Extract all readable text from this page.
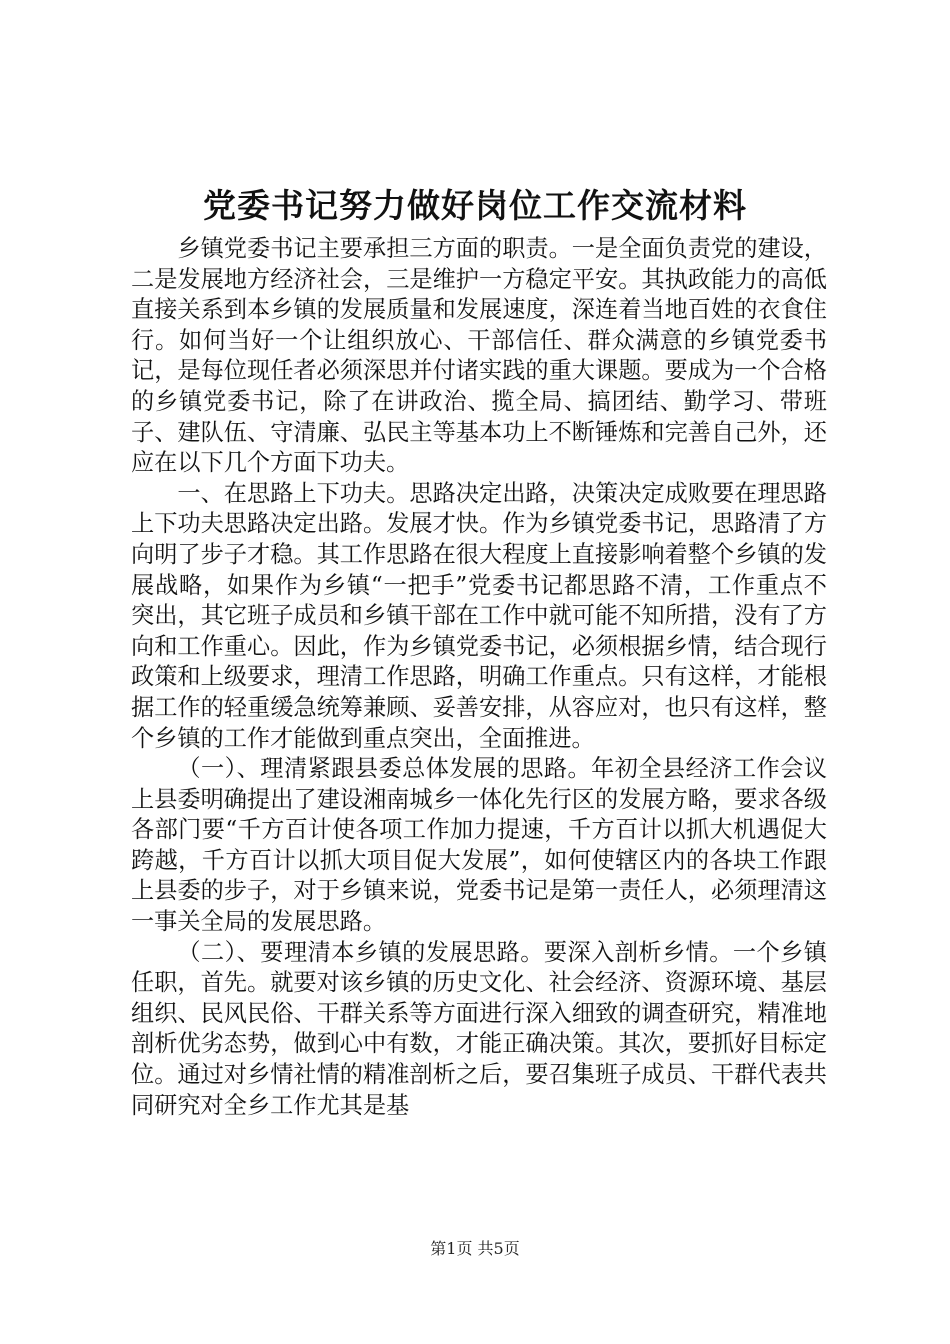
党委书记努力做好岗位工作交流材料

乡镇党委书记主要承担三方面的职责。一是全面负责党的建设，二是发展地方经济社会，三是维护一方稳定平安。其执政能力的高低直接关系到本乡镇的发展质量和发展速度，深连着当地百姓的衣食住行。如何当好一个让组织放心、干部信任、群众满意的乡镇党委书记，是每位现任者必须深思并付诸实践的重大课题。要成为一个合格的乡镇党委书记，除了在讲政治、揽全局、搞团结、勤学习、带班子、建队伍、守清廉、弘民主等基本功上不断锤炼和完善自己外，还应在以下几个方面下功夫。

一、在思路上下功夫。思路决定出路，决策决定成败要在理思路上下功夫思路决定出路。发展才快。作为乡镇党委书记，思路清了方向明了步子才稳。其工作思路在很大程度上直接影响着整个乡镇的发展战略，如果作为乡镇“一把手”党委书记都思路不清，工作重点不突出，其它班子成员和乡镇干部在工作中就可能不知所措，没有了方向和工作重心。因此，作为乡镇党委书记，必须根据乡情，结合现行政策和上级要求，理清工作思路，明确工作重点。只有这样，才能根据工作的轻重缓急统筹兼顾、妥善安排，从容应对，也只有这样，整个乡镇的工作才能做到重点突出，全面推进。

（一）、理清紧跟县委总体发展的思路。年初全县经济工作会议上县委明确提出了建设湘南城乡一体化先行区的发展方略，要求各级各部门要“千方百计使各项工作加力提速，千方百计以抓大机遇促大跨越，千方百计以抓大项目促大发展”，如何使辖区内的各块工作跟上县委的步子，对于乡镇来说，党委书记是第一责任人，必须理清这一事关全局的发展思路。

（二）、要理清本乡镇的发展思路。要深入剖析乡情。一个乡镇任职，首先。就要对该乡镇的历史文化、社会经济、资源环境、基层组织、民风民俗、干群关系等方面进行深入细致的调查研究，精准地剖析优劣态势，做到心中有数，才能正确决策。其次，要抓好目标定位。通过对乡情社情的精准剖析之后，要召集班子成员、干群代表共同研究对全乡工作尤其是基

第1页 共5页
